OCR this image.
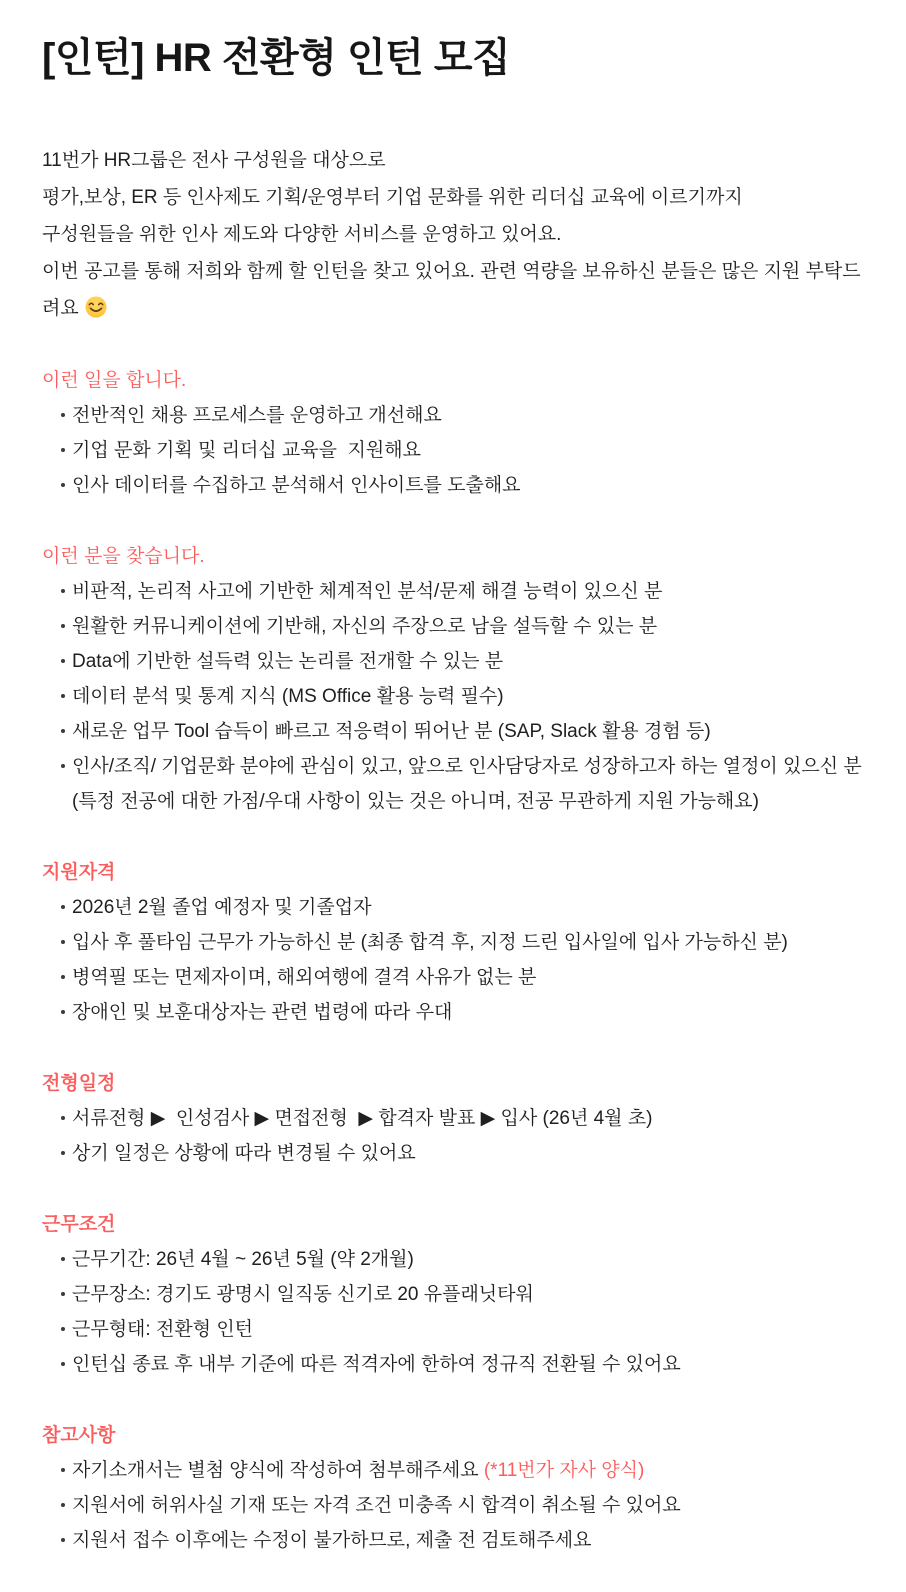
[인턴] HR 전환형 인턴 모집

11번가 HR그룹은 전사 구성원을 대상으로

평가,보상, ER 등 인사제도 기획/운영부터 기업 문화를 위한 리더십 교육에 이르기까지

구성원들을 위한 인사 제도와 다양한 서비스를 운영하고 있어요.

이번 공고를 통해 저희와 함께 할 인턴을 찾고 있어요. 관련 역량을 보유하신 분들은 많은 지원 부탁드려요

이런 일을 합니다.
전반적인 채용 프로세스를 운영하고 개선해요
기업 문화 기획 및 리더십 교육을  지원해요
인사 데이터를 수집하고 분석해서 인사이트를 도출해요
이런 분을 찾습니다.
비판적, 논리적 사고에 기반한 체계적인 분석/문제 해결 능력이 있으신 분
원활한 커뮤니케이션에 기반해, 자신의 주장으로 남을 설득할 수 있는 분
Data에 기반한 설득력 있는 논리를 전개할 수 있는 분
데이터 분석 및 통계 지식 (MS Office 활용 능력 필수)
새로운 업무 Tool 습득이 빠르고 적응력이 뛰어난 분 (SAP, Slack 활용 경험 등)
인사/조직/ 기업문화 분야에 관심이 있고, 앞으로 인사담당자로 성장하고자 하는 열정이 있으신 분
(특정 전공에 대한 가점/우대 사항이 있는 것은 아니며, 전공 무관하게 지원 가능해요)
지원자격
2026년 2월 졸업 예정자 및 기졸업자
입사 후 풀타임 근무가 가능하신 분 (최종 합격 후, 지정 드린 입사일에 입사 가능하신 분)
병역필 또는 면제자이며, 해외여행에 결격 사유가 없는 분
장애인 및 보훈대상자는 관련 법령에 따라 우대
전형일정
서류전형 ▶  인성검사 ▶ 면접전형  ▶ 합격자 발표 ▶ 입사 (26년 4월 초)
상기 일정은 상황에 따라 변경될 수 있어요
근무조건
근무기간: 26년 4월 ~ 26년 5월 (약 2개월)
근무장소: 경기도 광명시 일직동 신기로 20 유플래닛타워
근무형태: 전환형 인턴
인턴십 종료 후 내부 기준에 따른 적격자에 한하여 정규직 전환될 수 있어요
참고사항
자기소개서는 별첨 양식에 작성하여 첨부해주세요 (*11번가 자사 양식)
지원서에 허위사실 기재 또는 자격 조건 미충족 시 합격이 취소될 수 있어요
지원서 접수 이후에는 수정이 불가하므로, 제출 전 검토해주세요
